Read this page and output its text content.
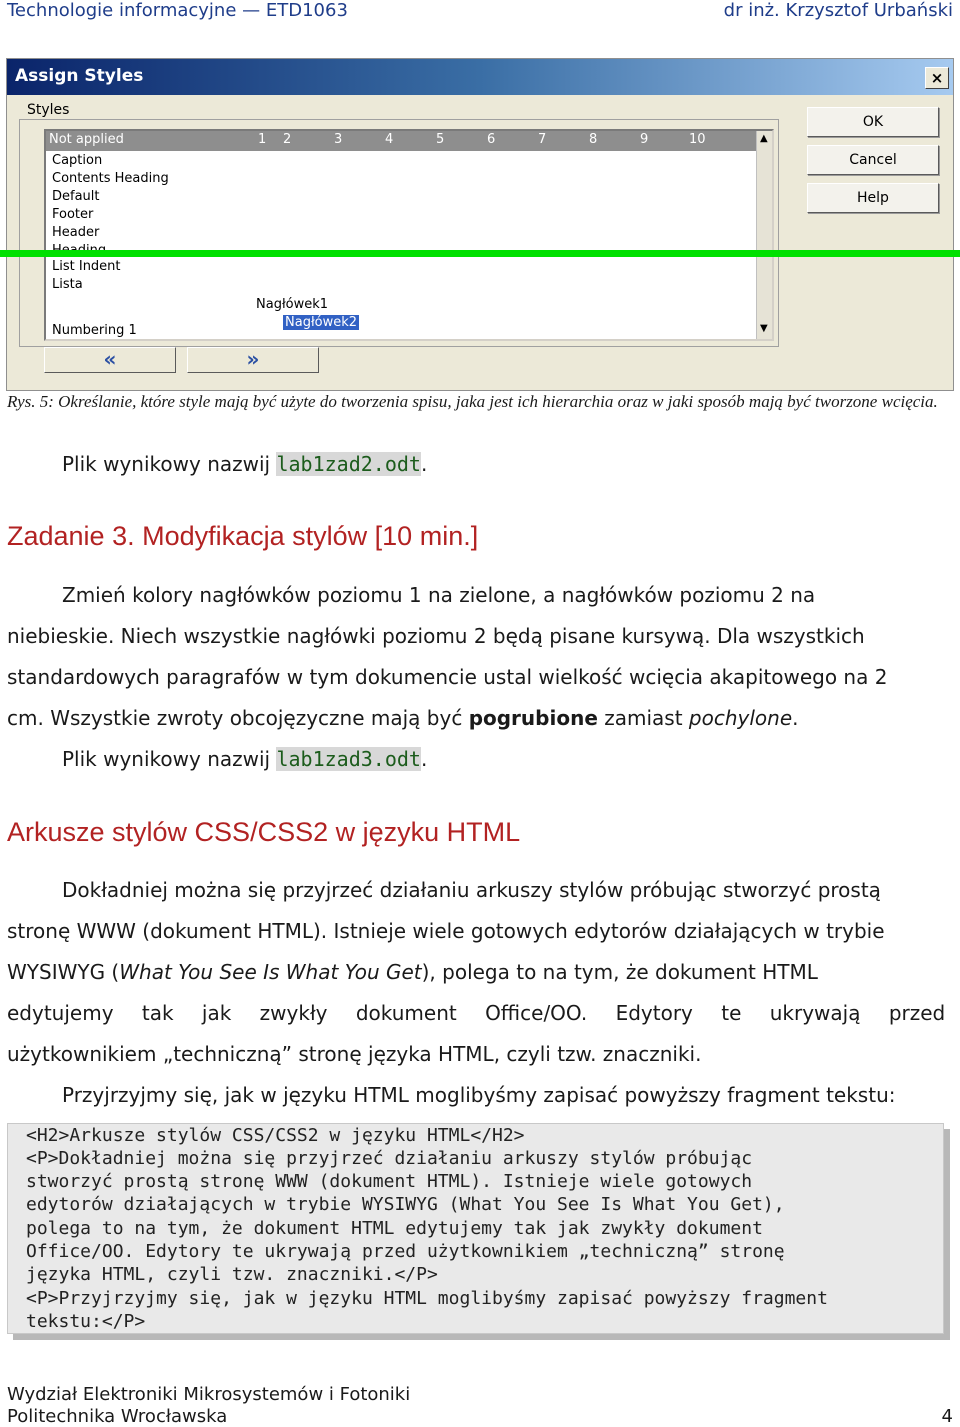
Technologie informacyjne — ETD1063	dr inż. Krzysztof Urbański
Assign Styles	×
Styles
Not applied	1 2	3	4	5	6	7	8	9	10
Caption
Contents Heading
Default
Footer
Header
List Indent
Lista
Nagłówek1
Nagłówek2
Numbering 1
▲
▼
OK
Cancel
Help
«	»
Rys. 5: Określanie, które style mają być użyte do tworzenia spisu, jaka jest ich hierarchia oraz w jaki sposób mają być tworzone wcięcia.
Plik wynikowy nazwij lab1zad2.odt.
Zadanie 3. Modyfikacja stylów [10 min.]
Zmień kolory nagłówków poziomu 1 na zielone, a nagłówków poziomu 2 na
niebieskie. Niech wszystkie nagłówki poziomu 2 będą pisane kursywą. Dla wszystkich
standardowych paragrafów w tym dokumencie ustal wielkość wcięcia akapitowego na 2
cm. Wszystkie zwroty obcojęzyczne mają być pogrubione zamiast pochylone.
Plik wynikowy nazwij lab1zad3.odt.
Arkusze stylów CSS/CSS2 w języku HTML
Dokładniej można się przyjrzeć działaniu arkuszy stylów próbując stworzyć prostą
stronę WWW (dokument HTML). Istnieje wiele gotowych edytorów działających w trybie
WYSIWYG (What You See Is What You Get), polega to na tym, że dokument HTML
edytujemy tak jak zwykły dokument Office/OO. Edytory te ukrywają przed
użytkownikiem „techniczną” stronę języka HTML, czyli tzw. znaczniki.
Przyjrzyjmy się, jak w języku HTML moglibyśmy zapisać powyższy fragment tekstu:
<H2>Arkusze stylów CSS/CSS2 w języku HTML</H2>
<P>Dokładniej można się przyjrzeć działaniu arkuszy stylów próbując
stworzyć prostą stronę WWW (dokument HTML). Istnieje wiele gotowych
edytorów działających w trybie WYSIWYG (What You See Is What You Get),
polega to na tym, że dokument HTML edytujemy tak jak zwykły dokument
Office/OO. Edytory te ukrywają przed użytkownikiem „techniczną” stronę
języka HTML, czyli tzw. znaczniki.</P>
<P>Przyjrzyjmy się, jak w języku HTML moglibyśmy zapisać powyższy fragment
tekstu:</P>
Wydział Elektroniki Mikrosystemów i Fotoniki
Politechnika Wrocławska	4
